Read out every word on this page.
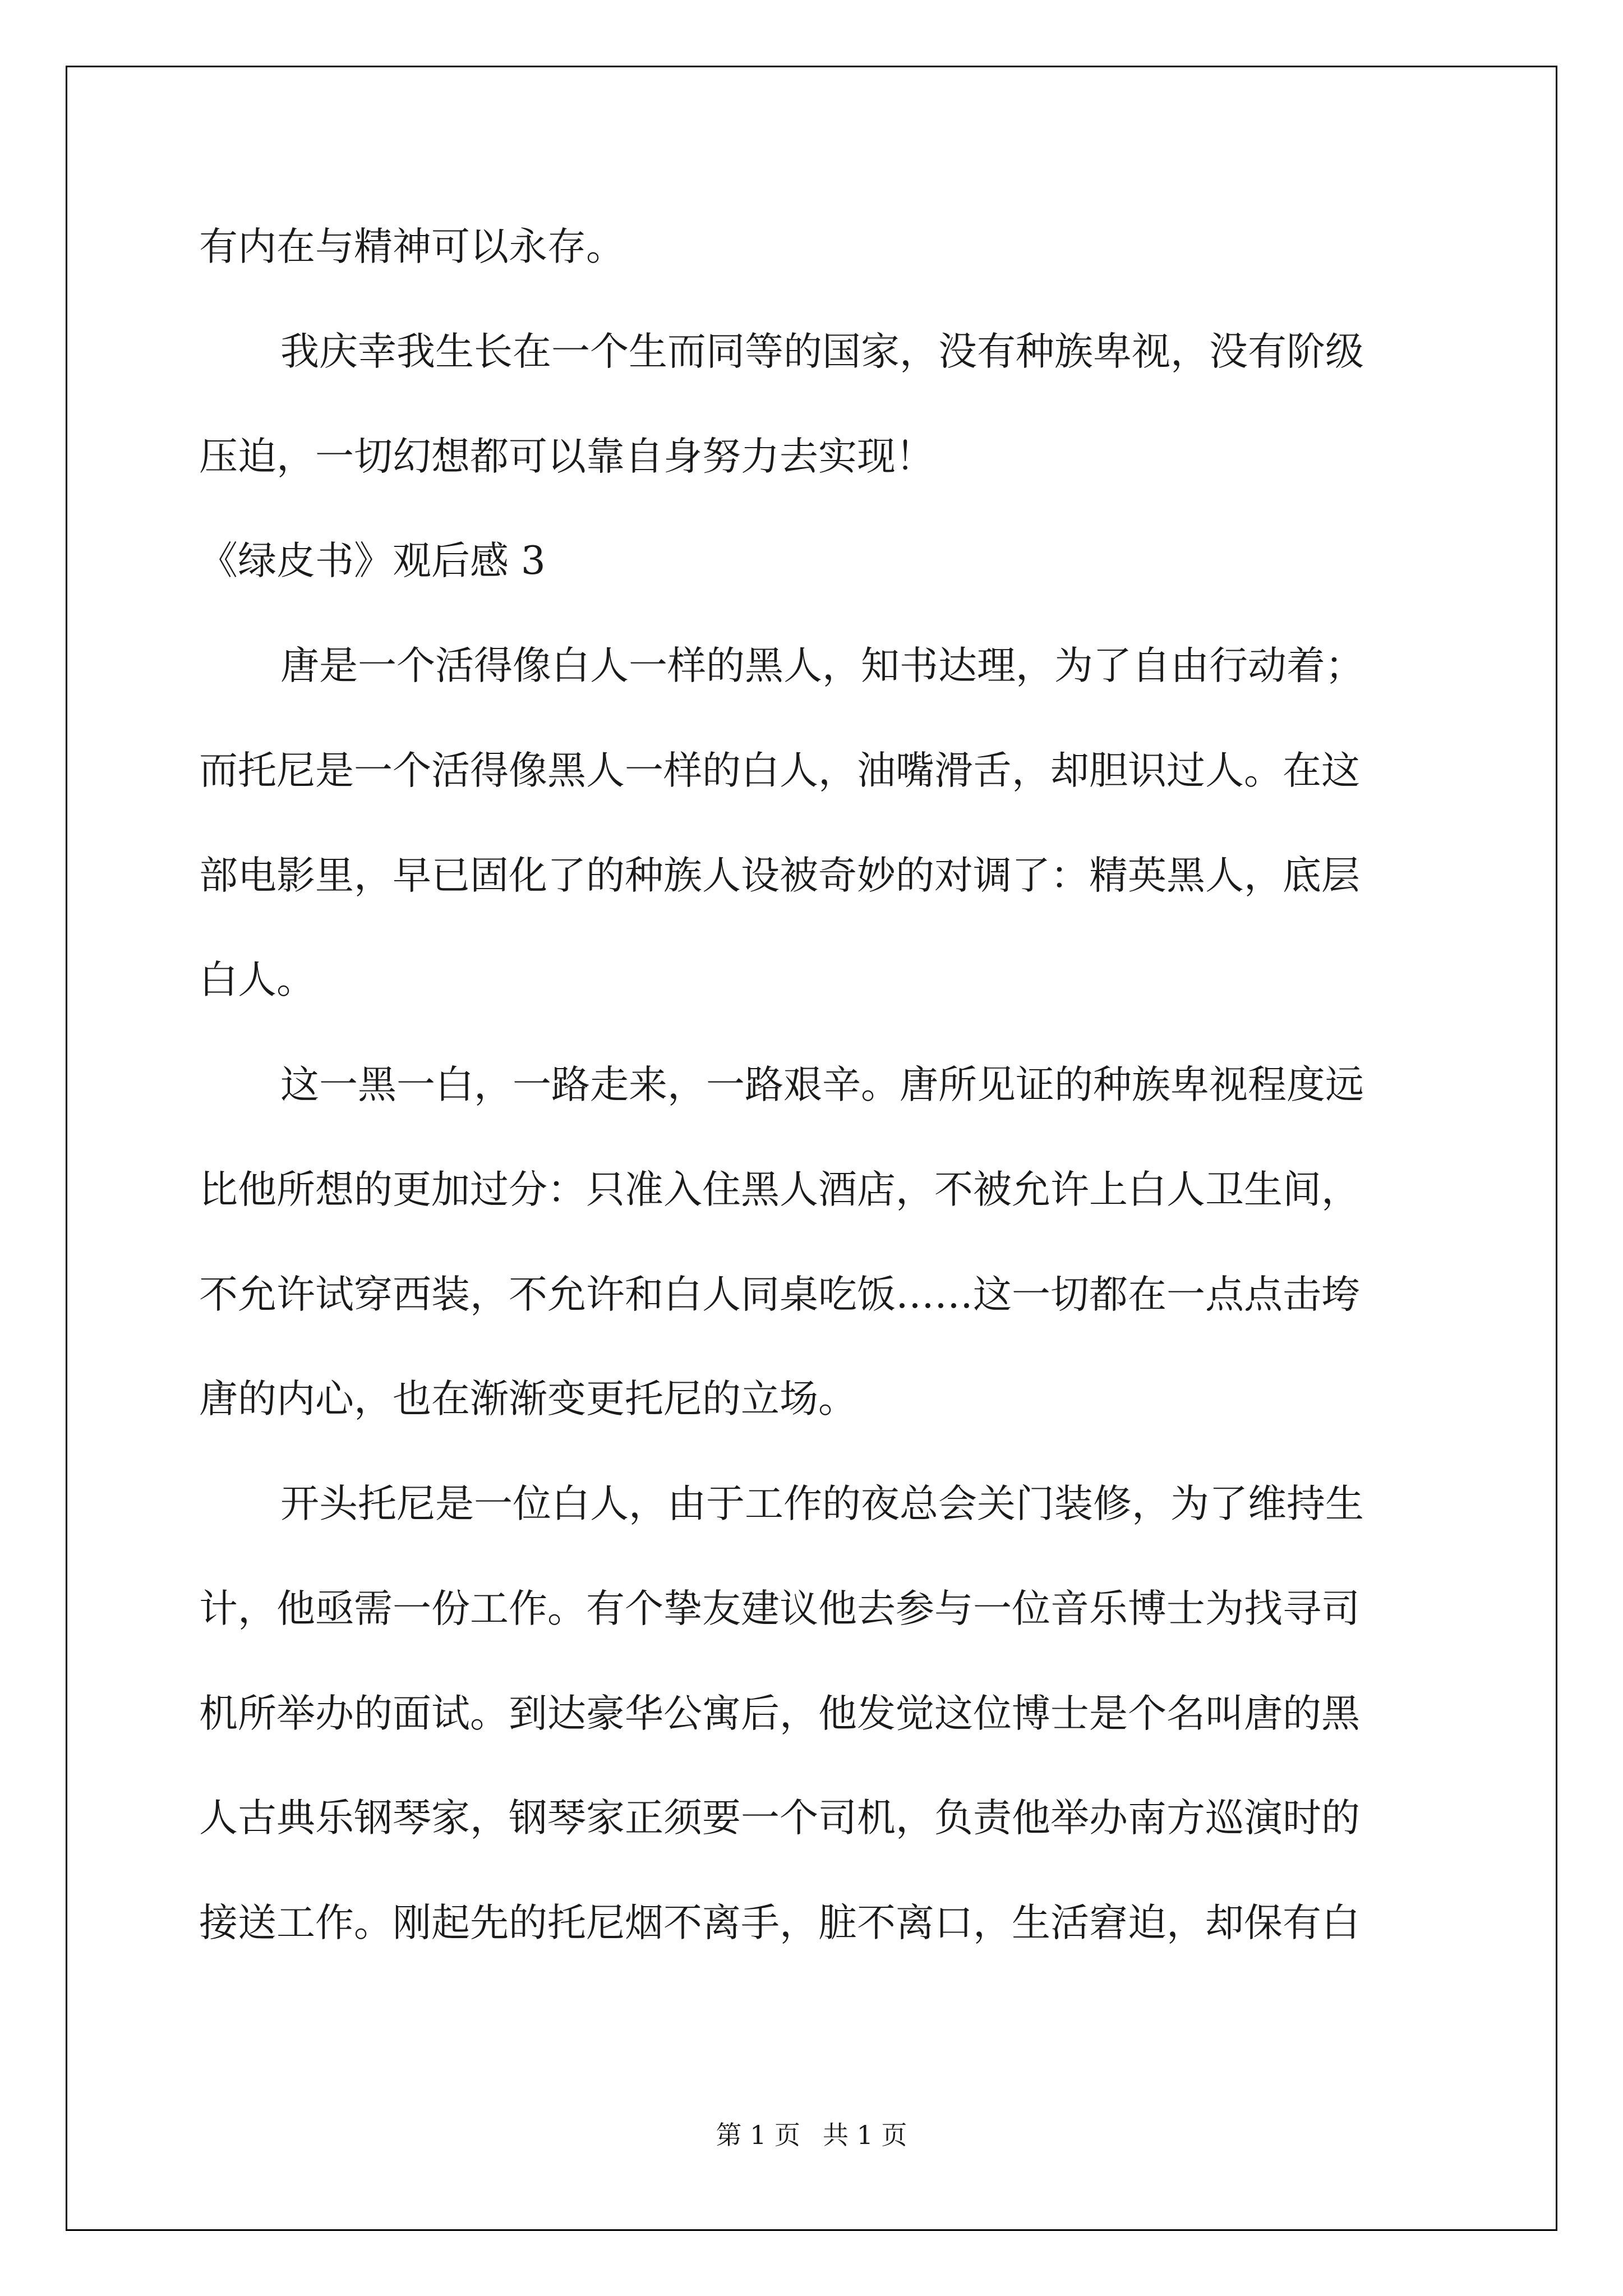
有内在与精神可以永存。
我庆幸我生长在一个生而同等的国家，没有种族卑视，没有阶级
压迫，一切幻想都可以靠自身努力去实现！
《绿皮书》观后感 3
唐是一个活得像白人一样的黑人，知书达理，为了自由行动着；
而托尼是一个活得像黑人一样的白人，油嘴滑舌，却胆识过人。在这
部电影里，早已固化了的种族人设被奇妙的对调了：精英黑人，底层
白人。
这一黑一白，一路走来，一路艰辛。唐所见证的种族卑视程度远
比他所想的更加过分：只准入住黑人酒店，不被允许上白人卫生间，
不允许试穿西装，不允许和白人同桌吃饭……这一切都在一点点击垮
唐的内心，也在渐渐变更托尼的立场。
开头托尼是一位白人，由于工作的夜总会关门装修，为了维持生
计，他亟需一份工作。有个挚友建议他去参与一位音乐博士为找寻司
机所举办的面试。到达豪华公寓后，他发觉这位博士是个名叫唐的黑
人古典乐钢琴家，钢琴家正须要一个司机，负责他举办南方巡演时的
接送工作。刚起先的托尼烟不离手，脏不离口，生活窘迫，却保有白
第 1 页 共 1 页
